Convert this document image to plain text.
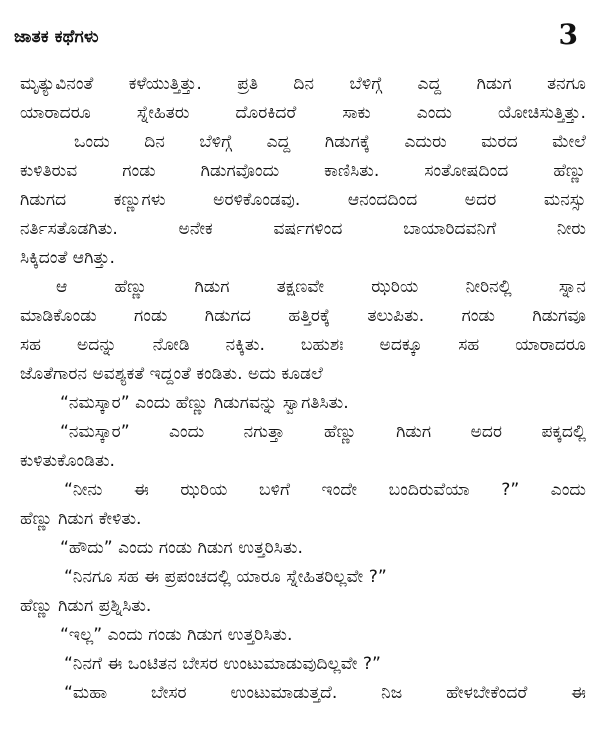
ಜಾತಕ ಕಥೆಗಳು	3
ಮೃತ್ಯುವಿನಂತೆ ಕಳೆಯುತ್ತಿತ್ತು. ಪ್ರತಿ ದಿನ ಬೆಳಿಗ್ಗೆ ಎದ್ದ ಗಿಡುಗ ತನಗೂ
ಯಾರಾದರೂ ಸ್ನೇಹಿತರು ದೊರಕಿದರೆ ಸಾಕು ಎಂದು ಯೋಚಿಸುತ್ತಿತ್ತು.
ಒಂದು ದಿನ ಬೆಳಿಗ್ಗೆ ಎದ್ದ ಗಿಡುಗಕ್ಕೆ ಎದುರು ಮರದ ಮೇಲೆ
ಕುಳಿತಿರುವ ಗಂಡು ಗಿಡುಗವೊಂದು ಕಾಣಿಸಿತು. ಸಂತೋಷದಿಂದ ಹೆಣ್ಣು
ಗಿಡುಗದ ಕಣ್ಣುಗಳು ಅರಳಿಕೊಂಡವು. ಆನಂದದಿಂದ ಅದರ ಮನಸ್ಸು
ನರ್ತಿಸತೊಡಗಿತು. ಅನೇಕ ವರ್ಷಗಳಿಂದ ಬಾಯಾರಿದವನಿಗೆ ನೀರು
ಸಿಕ್ಕಿದಂತೆ ಆಗಿತ್ತು.
ಆ ಹೆಣ್ಣು ಗಿಡುಗ ತಕ್ಷಣವೇ ಝರಿಯ ನೀರಿನಲ್ಲಿ ಸ್ನಾನ
ಮಾಡಿಕೊಂಡು ಗಂಡು ಗಿಡುಗದ ಹತ್ತಿರಕ್ಕೆ ತಲುಪಿತು. ಗಂಡು ಗಿಡುಗವೂ
ಸಹ ಅದನ್ನು ನೋಡಿ ನಕ್ಕಿತು. ಬಹುಶಃ ಅದಕ್ಕೂ ಸಹ ಯಾರಾದರೂ
ಜೊತೆಗಾರನ ಅವಶ್ಯಕತೆ ಇದ್ದಂತೆ ಕಂಡಿತು. ಅದು ಕೂಡಲೆ
“ನಮಸ್ಕಾರ” ಎಂದು ಹೆಣ್ಣು ಗಿಡುಗವನ್ನು ಸ್ವಾಗತಿಸಿತು.
“ನಮಸ್ಕಾರ” ಎಂದು ನಗುತ್ತಾ ಹೆಣ್ಣು ಗಿಡುಗ ಅದರ ಪಕ್ಕದಲ್ಲಿ
ಕುಳಿತುಕೊಂಡಿತು.
“ನೀನು ಈ ಝರಿಯ ಬಳಿಗೆ ಇಂದೇ ಬಂದಿರುವೆಯಾ ?” ಎಂದು
ಹೆಣ್ಣು ಗಿಡುಗ ಕೇಳಿತು.
“ಹೌದು” ಎಂದು ಗಂಡು ಗಿಡುಗ ಉತ್ತರಿಸಿತು.
“ನಿನಗೂ ಸಹ ಈ ಪ್ರಪಂಚದಲ್ಲಿ ಯಾರೂ ಸ್ನೇಹಿತರಿಲ್ಲವೇ ?”
ಹೆಣ್ಣು ಗಿಡುಗ ಪ್ರಶ್ನಿಸಿತು.
“ಇಲ್ಲ” ಎಂದು ಗಂಡು ಗಿಡುಗ ಉತ್ತರಿಸಿತು.
“ನಿನಗೆ ಈ ಒಂಟಿತನ ಬೇಸರ ಉಂಟುಮಾಡುವುದಿಲ್ಲವೇ ?”
“ಮಹಾ ಬೇಸರ ಉಂಟುಮಾಡುತ್ತದೆ. ನಿಜ ಹೇಳಬೇಕೆಂದರೆ ಈ
